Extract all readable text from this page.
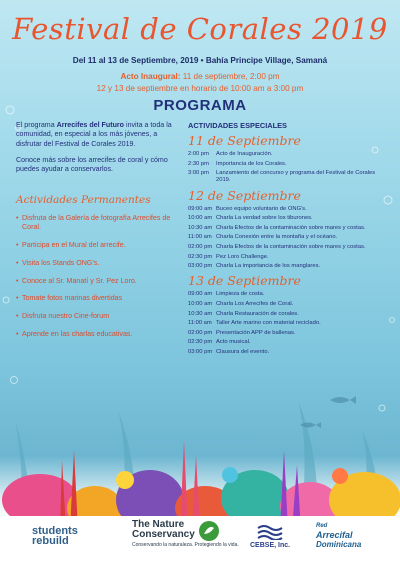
Festival de Corales 2019
Del 11 al 13 de Septiembre, 2019 • Bahía Principe Village, Samaná
Acto Inaugural: 11 de septiembre, 2:00 pm
12 y 13 de septiembre en horario de 10:00 am a 3:00 pm
PROGRAMA

El programa Arrecifes del Futuro invita a toda la comunidad, en especial a los más jóvenes, a disfrutar del Festival de Corales 2019.

Conoce más sobre los arrecifes de coral y cómo puedes ayudar a conservarlos.

Actividades Permanentes
• Disfruta de la Galería de fotografía Arrecifes de Coral.
• Participa en el Mural del arrecife.
• Visita los Stands ONG's.
• Conoce al Sr. Manatí y Sr. Pez Loro.
• Tomate fotos marinas divertidas
• Disfruta nuestro Cine-forum
• Aprende en las charlas educativas.
ACTIVIDADES ESPECIALES
11 de Septiembre
2:00 pm	Acto de Inauguración.
2:30 pm	Importancia de los Corales.
3:00 pm	Lanzamiento del concurso y programa del Festival de Corales 2019.
12 de Septiembre
09:00 am Buceo equipo voluntario de ONG's.
10:00 am Charla La verdad sobre los tiburones.
10:30 am Charla Efectos de la contaminación sobre mares y costas.
11:00 am Charla Conexión entre la montaña y el océano.
02:00 pm Charla Efectos de la contaminación sobre mares y costas.
02:30 pm Pez Loro Challenge.
03:00 pm Charla La importancia de los manglares.
13 de Septiembre
09:00 am Limpieza de costa.
10:00 am Charla Los Arrecifes de Coral.
10:30 am Charla Restauración de corales.
11:00 am Taller Arte marino con material reciclado.
02:00 pm Presentación APP de ballenas.
02:30 pm Acto musical.
03:00 pm Clausura del evento.
students
rebuild
The Nature
Conservancy
Conservando la naturaleza. Protegiendo la vida. CEBSE, Inc.
Red
Arrecifal
Dominicana
